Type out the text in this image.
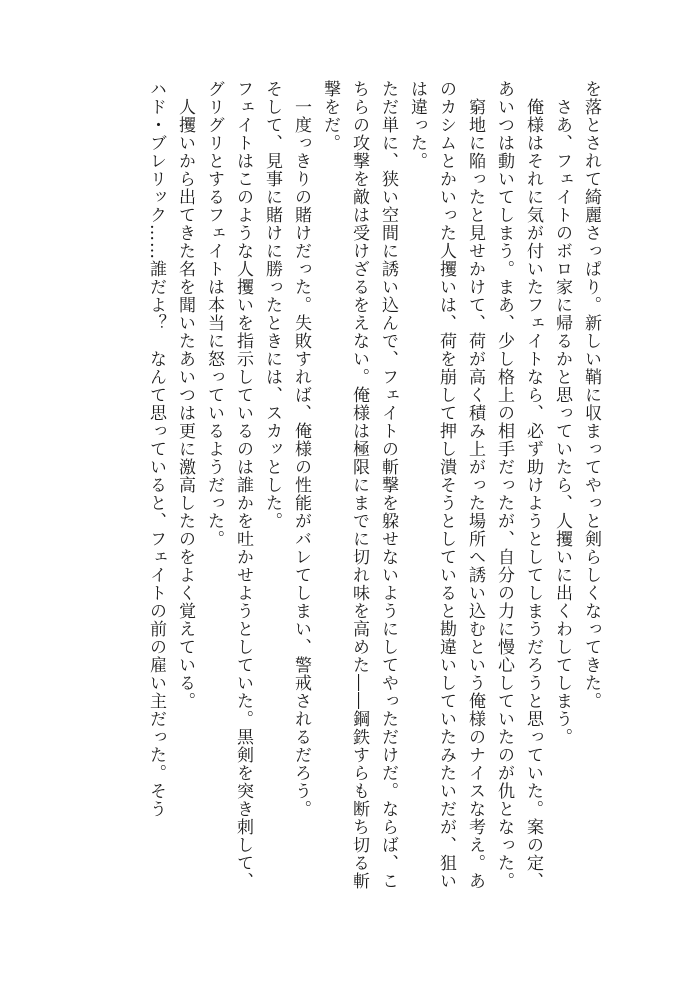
を落とされて綺麗さっぱり。新しい鞘に収まってやっと剣らしくなってきた。

　さあ、フェイトのボロ家に帰るかと思っていたら、人攫いに出くわしてしまう。

　俺様はそれに気が付いたフェイトなら、必ず助けようとしてしまうだろうと思っていた。案の定、あいつは動いてしまう。まあ、少し格上の相手だったが、自分の力に慢心していたのが仇となった。

　窮地に陥ったと見せかけて、荷が高く積み上がった場所へ誘い込むという俺様のナイスな考え。あのカシムとかいった人攫いは、荷を崩して押し潰そうとしていると勘違いしていたみたいだが、狙いは違った。

ただ単に、狭い空間に誘い込んで、フェイトの斬撃を躱せないようにしてやっただけだ。ならば、こちらの攻撃を敵は受けざるをえない。俺様は極限にまでに切れ味を高めた――鋼鉄すらも断ち切る斬撃をだ。

　一度っきりの賭けだった。失敗すれば、俺様の性能がバレてしまい、警戒されるだろう。

そして、見事に賭けに勝ったときには、スカッとした。

フェイトはこのような人攫いを指示しているのは誰かを吐かせようとしていた。黒剣を突き刺して、グリグリとするフェイトは本当に怒っているようだった。

　人攫いから出てきた名を聞いたあいつは更に激高したのをよく覚えている。

ハド・ブレリック……誰だよ？　なんて思っていると、フェイトの前の雇い主だった。そう
